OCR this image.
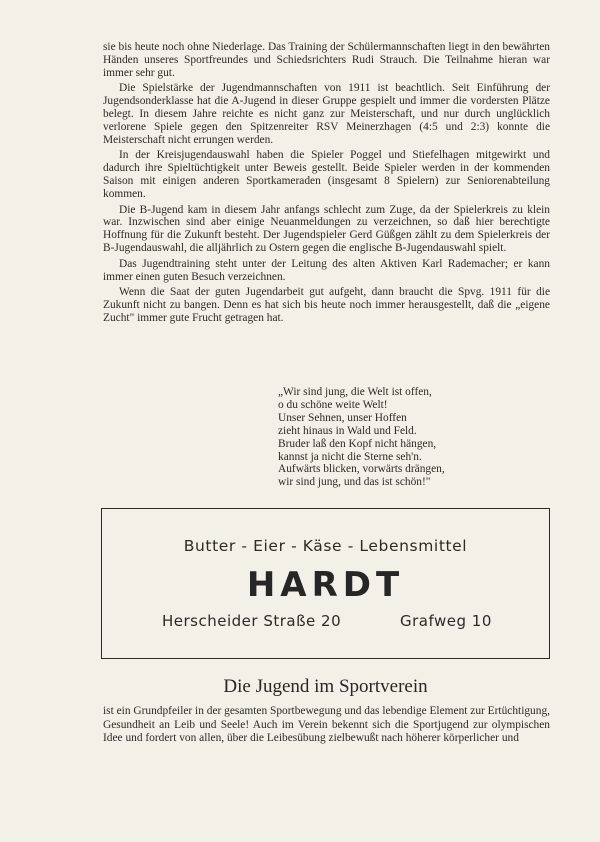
sie bis heute noch ohne Niederlage. Das Training der Schülermannschaften liegt in den bewährten Händen unseres Sportfreundes und Schiedsrichters Rudi Strauch. Die Teilnahme hieran war immer sehr gut.

Die Spielstärke der Jugendmannschaften von 1911 ist beachtlich. Seit Einführung der Jugendsonderklasse hat die A-Jugend in dieser Gruppe gespielt und immer die vordersten Plätze belegt. In diesem Jahre reichte es nicht ganz zur Meisterschaft, und nur durch unglücklich verlorene Spiele gegen den Spitzenreiter RSV Meinerzhagen (4:5 und 2:3) konnte die Meisterschaft nicht errungen werden.

In der Kreisjugendauswahl haben die Spieler Poggel und Stiefelhagen mitgewirkt und dadurch ihre Spieltüchtigkeit unter Beweis gestellt. Beide Spieler werden in der kommenden Saison mit einigen anderen Sportkameraden (insgesamt 8 Spielern) zur Seniorenabteilung kommen.

Die B-Jugend kam in diesem Jahr anfangs schlecht zum Zuge, da der Spielerkreis zu klein war. Inzwischen sind aber einige Neuanmeldungen zu verzeichnen, so daß hier berechtigte Hoffnung für die Zukunft besteht. Der Jugendspieler Gerd Güßgen zählt zu dem Spielerkreis der B-Jugendauswahl, die alljährlich zu Ostern gegen die englische B-Jugendauswahl spielt.

Das Jugendtraining steht unter der Leitung des alten Aktiven Karl Rademacher; er kann immer einen guten Besuch verzeichnen.

Wenn die Saat der guten Jugendarbeit gut aufgeht, dann braucht die Spvg. 1911 für die Zukunft nicht zu bangen. Denn es hat sich bis heute noch immer herausgestellt, daß die „eigene Zucht" immer gute Frucht getragen hat.

„Wir sind jung, die Welt ist offen,
o du schöne weite Welt!
Unser Sehnen, unser Hoffen
zieht hinaus in Wald und Feld.
Bruder laß den Kopf nicht hängen,
kannst ja nicht die Sterne seh'n.
Aufwärts blicken, vorwärts drängen,
wir sind jung, und das ist schön!"
Butter - Eier - Käse - Lebensmittel
HARDT
Herscheider Straße 20	Grafweg 10
Die Jugend im Sportverein

ist ein Grundpfeiler in der gesamten Sportbewegung und das lebendige Element zur Ertüchtigung, Gesundheit an Leib und Seele! Auch im Verein bekennt sich die Sportjugend zur olympischen Idee und fordert von allen, über die Leibesübung zielbewußt nach höherer körperlicher und
